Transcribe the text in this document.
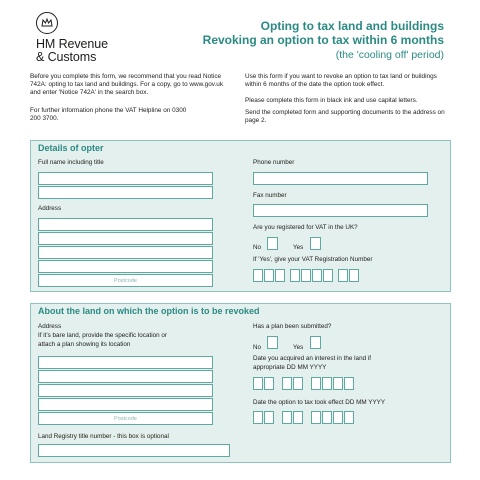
HM Revenue
& Customs
Opting to tax land and buildings
Revoking an option to tax within 6 months
(the 'cooling off' period)
Before you complete this form, we recommend that you read Notice 742A: opting to tax land and buildings. For a copy, go to www.gov.uk and enter 'Notice 742A' in the search box.
For further information phone the VAT Helpline on 0300 200 3700.
Use this form if you want to revoke an option to tax land or buildings within 6 months of the date the option took effect.
Please complete this form in black ink and use capital letters.
Send the completed form and supporting documents to the address on page 2.
Details of opter
Full name including title
Address
Postcode
Phone number
Fax number
Are you registered for VAT in the UK?
No	Yes
If 'Yes', give your VAT Registration Number
About the land on which the option is to be revoked
Address
If it's bare land, provide the specific location or
attach a plan showing its location
Postcode
Land Registry title number - this box is optional
Has a plan been submitted?
No	Yes
Date you acquired an interest in the land if
appropriate DD MM YYYY
Date the option to tax took effect DD MM YYYY
